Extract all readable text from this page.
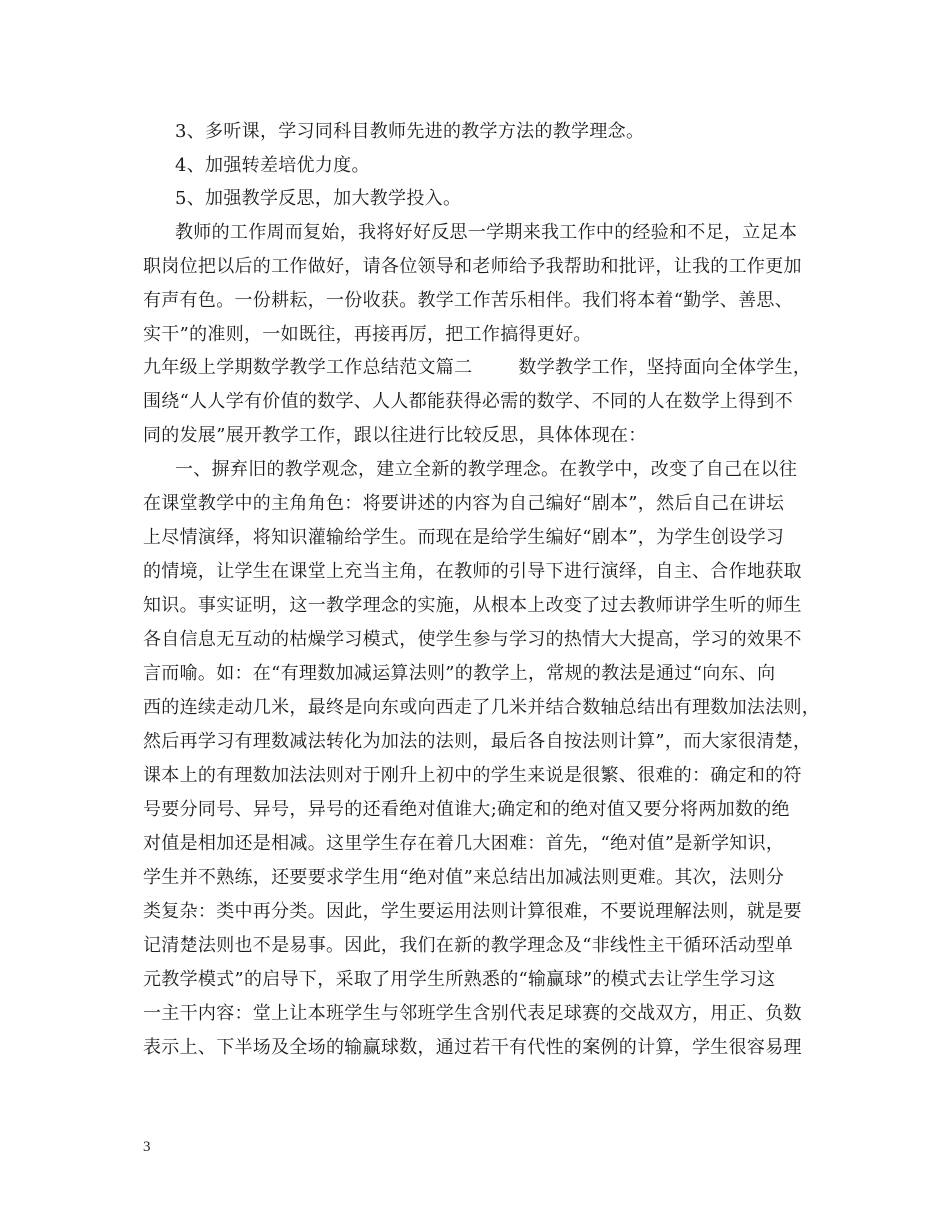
3、多听课，学习同科目教师先进的教学方法的教学理念。
4、加强转差培优力度。
5、加强教学反思，加大教学投入。
教师的工作周而复始，我将好好反思一学期来我工作中的经验和不足，立足本
职岗位把以后的工作做好，请各位领导和老师给予我帮助和批评，让我的工作更加
有声有色。一份耕耘，一份收获。教学工作苦乐相伴。我们将本着“勤学、善思、
实干”的准则，一如既往，再接再厉，把工作搞得更好。
九年级上学期数学教学工作总结范文篇二	数学教学工作，坚持面向全体学生，
围绕“人人学有价值的数学、人人都能获得必需的数学、不同的人在数学上得到不
同的发展”展开教学工作，跟以往进行比较反思，具体体现在：
一、摒弃旧的教学观念，建立全新的教学理念。在教学中，改变了自己在以往
在课堂教学中的主角角色：将要讲述的内容为自己编好“剧本”，然后自己在讲坛
上尽情演绎，将知识灌输给学生。而现在是给学生编好“剧本”，为学生创设学习
的情境，让学生在课堂上充当主角，在教师的引导下进行演绎，自主、合作地获取
知识。事实证明，这一教学理念的实施，从根本上改变了过去教师讲学生听的师生
各自信息无互动的枯燥学习模式，使学生参与学习的热情大大提高，学习的效果不
言而喻。如：在“有理数加减运算法则”的教学上，常规的教法是通过“向东、向
西的连续走动几米，最终是向东或向西走了几米并结合数轴总结出有理数加法法则，
然后再学习有理数减法转化为加法的法则，最后各自按法则计算”，而大家很清楚，
课本上的有理数加法法则对于刚升上初中的学生来说是很繁、很难的：确定和的符
号要分同号、异号，异号的还看绝对值谁大;确定和的绝对值又要分将两加数的绝
对值是相加还是相减。这里学生存在着几大困难：首先，“绝对值”是新学知识，
学生并不熟练，还要要求学生用“绝对值”来总结出加减法则更难。其次，法则分
类复杂：类中再分类。因此，学生要运用法则计算很难，不要说理解法则，就是要
记清楚法则也不是易事。因此，我们在新的教学理念及“非线性主干循环活动型单
元教学模式”的启导下，采取了用学生所熟悉的“输赢球”的模式去让学生学习这
一主干内容：堂上让本班学生与邻班学生含别代表足球赛的交战双方，用正、负数
表示上、下半场及全场的输赢球数，通过若干有代性的案例的计算，学生很容易理
3
